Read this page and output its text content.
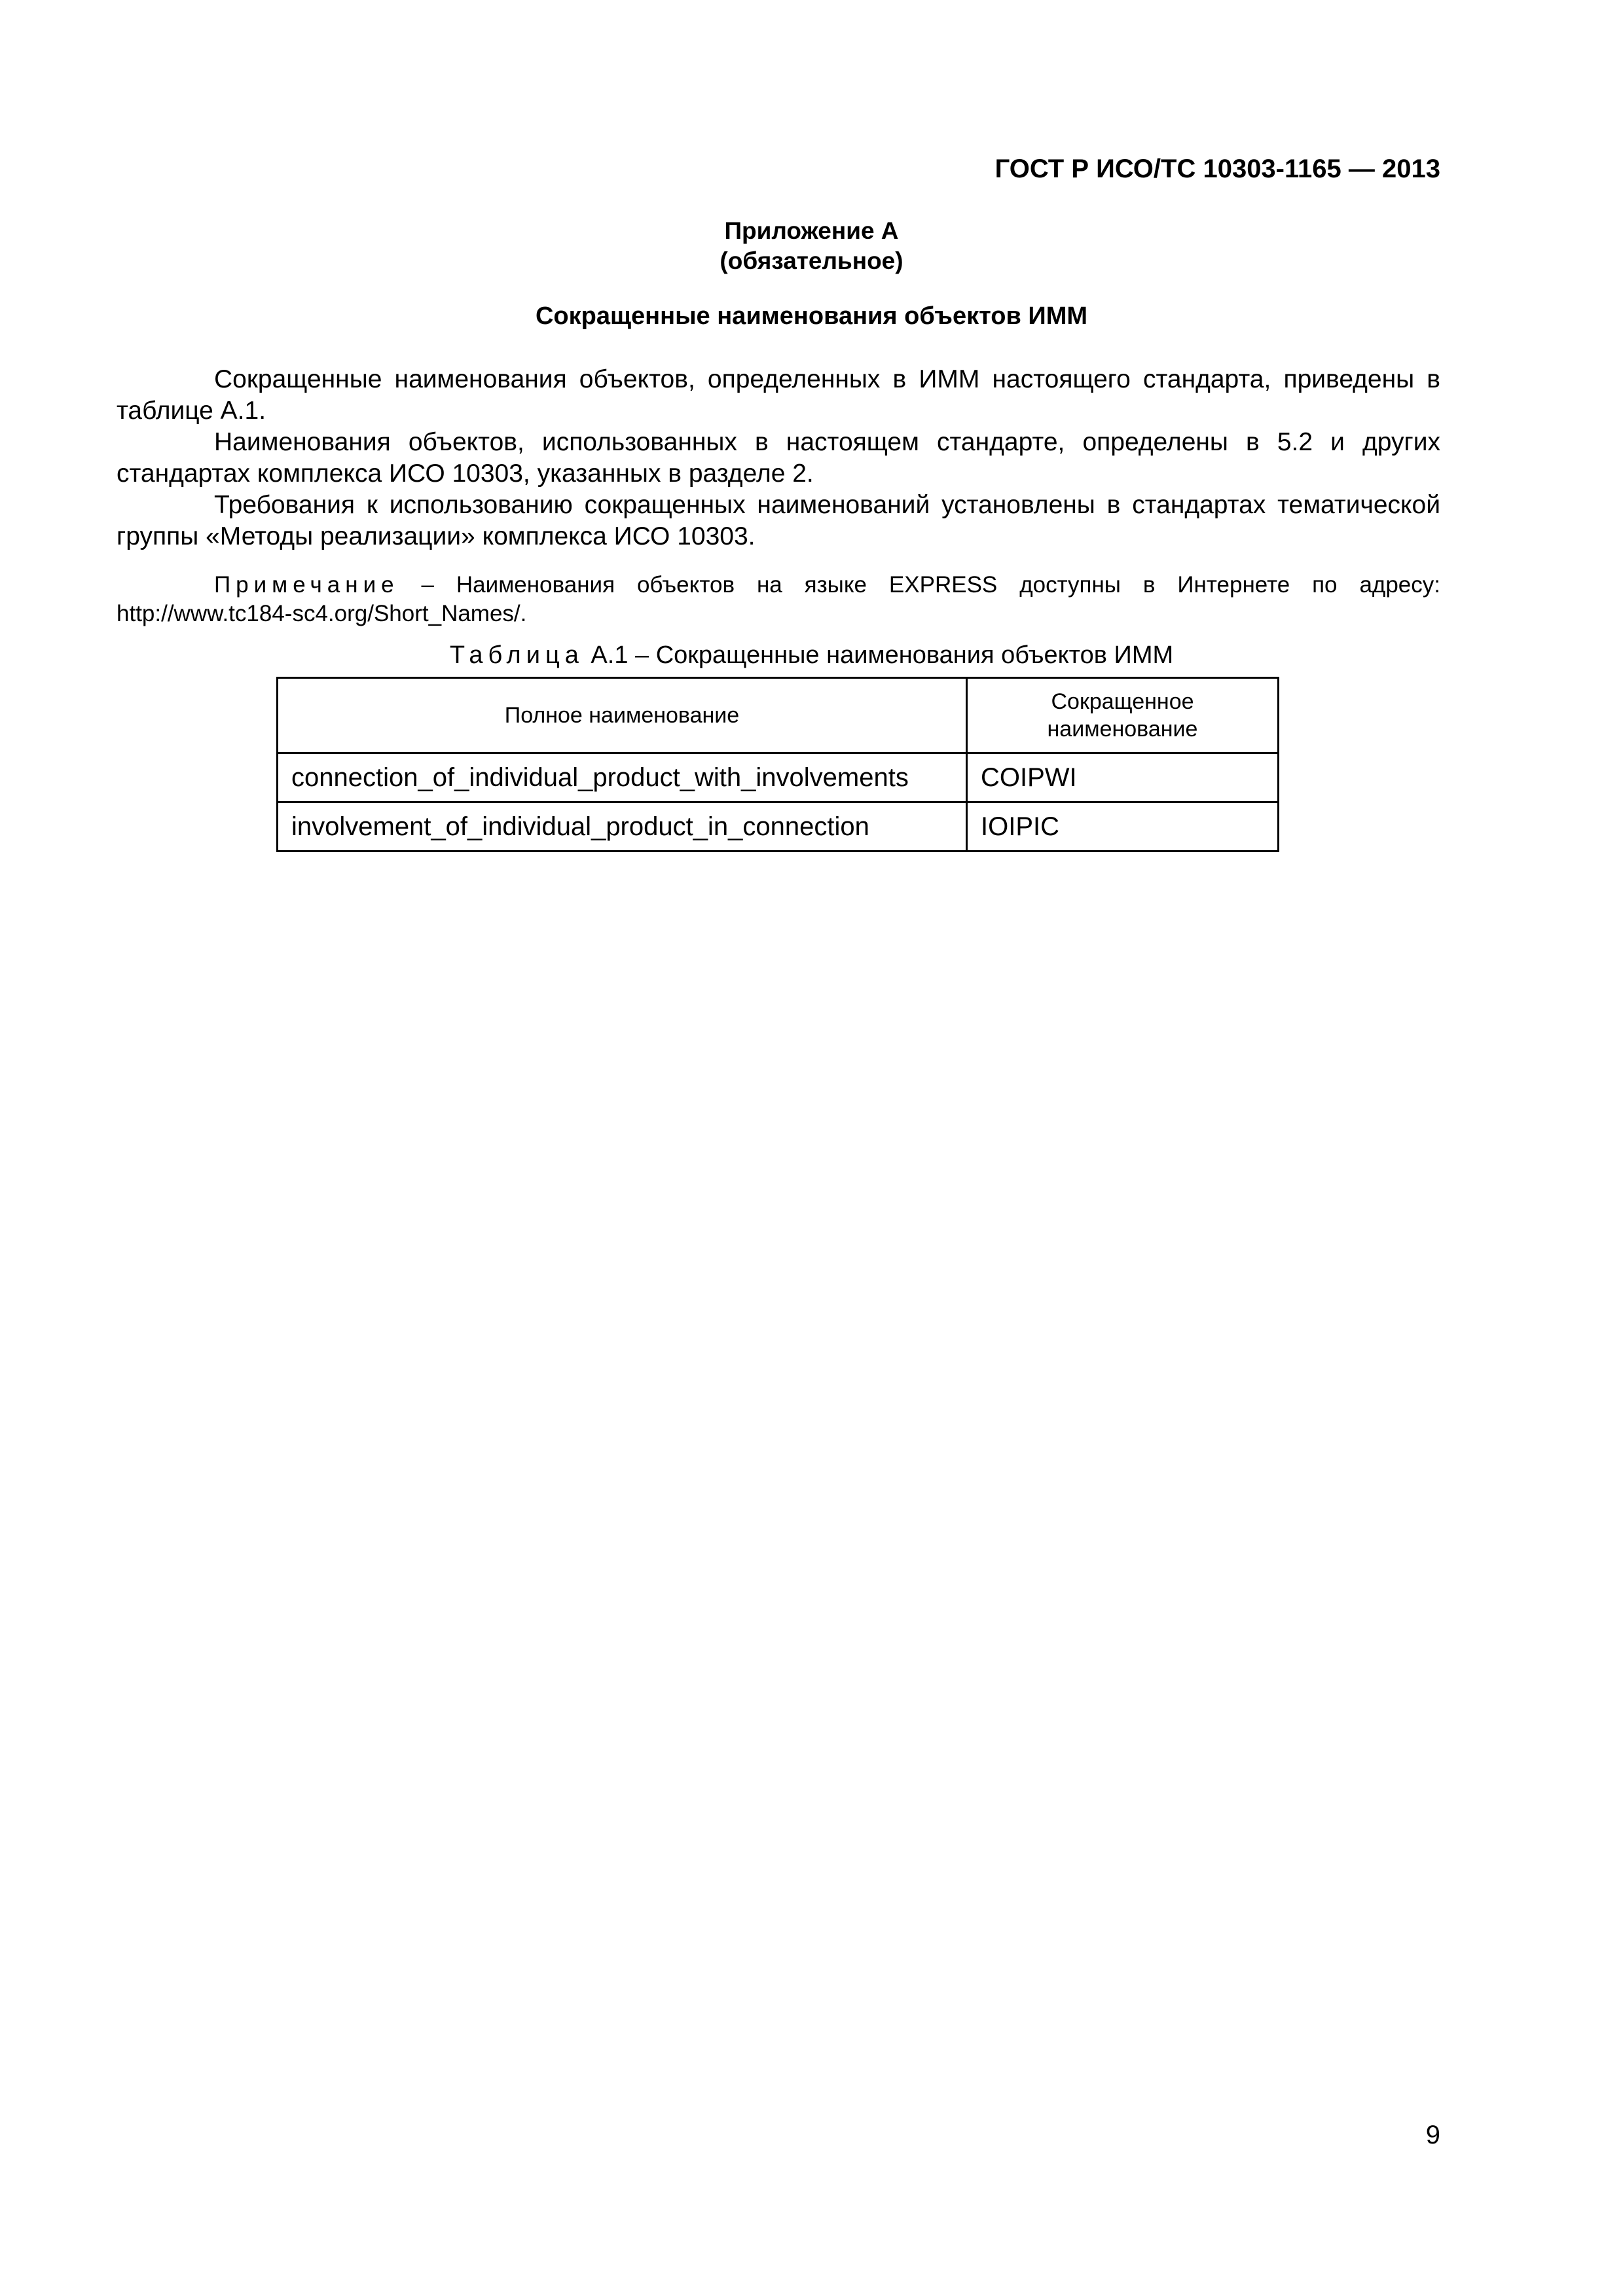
ГОСТ Р ИСО/ТС 10303-1165 — 2013
Приложение А
(обязательное)
Сокращенные наименования объектов ИММ

Сокращенные наименования объектов, определенных в ИММ настоящего стандарта, приведены в таблице А.1.

Наименования объектов, использованных в настоящем стандарте, определены в 5.2 и других стандартах комплекса ИСО 10303, указанных в разделе 2.

Требования к использованию сокращенных наименований установлены в стандартах тематической группы «Методы реализации» комплекса ИСО 10303.

Примечание – Наименования объектов на языке EXPRESS доступны в Интернете по адресу: http://www.tc184-sc4.org/Short_Names/.
Таблица А.1 – Сокращенные наименования объектов ИММ
Полное наименование	Сокращенное наименование
connection_of_individual_product_with_involvements	COIPWI
involvement_of_individual_product_in_connection	IOIPIC
9
